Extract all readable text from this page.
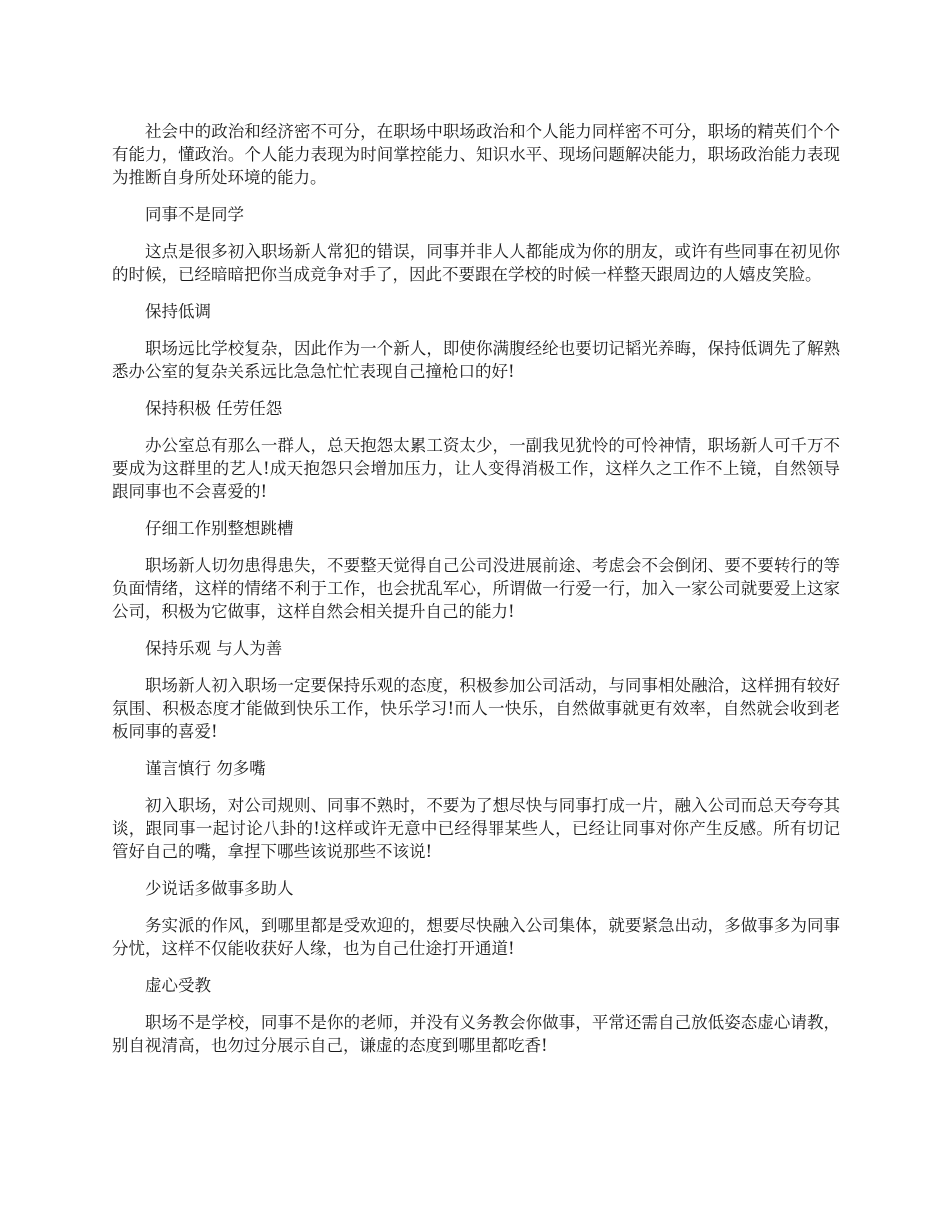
社会中的政治和经济密不可分，在职场中职场政治和个人能力同样密不可分，职场的精英们个个有能力，懂政治。个人能力表现为时间掌控能力、知识水平、现场问题解决能力，职场政治能力表现为推断自身所处环境的能力。

同事不是同学

这点是很多初入职场新人常犯的错误，同事并非人人都能成为你的朋友，或许有些同事在初见你的时候，已经暗暗把你当成竞争对手了，因此不要跟在学校的时候一样整天跟周边的人嬉皮笑脸。

保持低调

职场远比学校复杂，因此作为一个新人，即使你满腹经纶也要切记韬光养晦，保持低调先了解熟悉办公室的复杂关系远比急急忙忙表现自己撞枪口的好!

保持积极 任劳任怨

办公室总有那么一群人，总天抱怨太累工资太少，一副我见犹怜的可怜神情，职场新人可千万不要成为这群里的艺人!成天抱怨只会增加压力，让人变得消极工作，这样久之工作不上镜，自然领导跟同事也不会喜爱的!

仔细工作别整想跳槽

职场新人切勿患得患失，不要整天觉得自己公司没进展前途、考虑会不会倒闭、要不要转行的等负面情绪，这样的情绪不利于工作，也会扰乱军心，所谓做一行爱一行，加入一家公司就要爱上这家公司，积极为它做事，这样自然会相关提升自己的能力!

保持乐观 与人为善

职场新人初入职场一定要保持乐观的态度，积极参加公司活动，与同事相处融洽，这样拥有较好氛围、积极态度才能做到快乐工作，快乐学习!而人一快乐，自然做事就更有效率，自然就会收到老板同事的喜爱!

谨言慎行 勿多嘴

初入职场，对公司规则、同事不熟时，不要为了想尽快与同事打成一片，融入公司而总天夸夸其谈，跟同事一起讨论八卦的!这样或许无意中已经得罪某些人，已经让同事对你产生反感。所有切记管好自己的嘴，拿捏下哪些该说那些不该说!

少说话多做事多助人

务实派的作风，到哪里都是受欢迎的，想要尽快融入公司集体，就要紧急出动，多做事多为同事分忧，这样不仅能收获好人缘，也为自己仕途打开通道!

虚心受教

职场不是学校，同事不是你的老师，并没有义务教会你做事，平常还需自己放低姿态虚心请教，别自视清高，也勿过分展示自己，谦虚的态度到哪里都吃香!
